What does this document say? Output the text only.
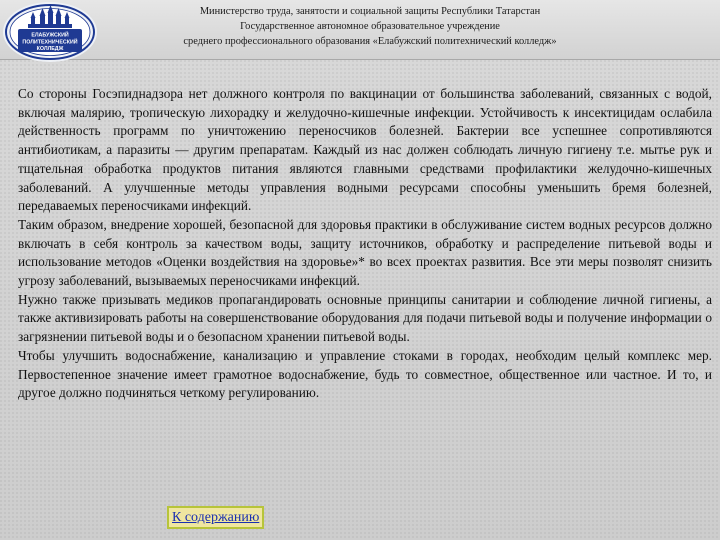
ЕЛАБУЖСКИЙ
ПОЛИТЕХНИЧЕСКИЙ
КОЛЛЕДЖ
Министерство труда, занятости и социальной защиты Республики Татарстан
Государственное автономное образовательное учреждение
среднего профессионального образования «Елабужский политехнический колледж»

Со стороны Госэпиднадзора нет должного контроля по вакцинации от большинства заболеваний, связанных с водой, включая малярию, тропическую лихорадку и желудочно-кишечные инфекции. Устойчивость к инсектицидам ослабила действенность программ по уничтожению переносчиков болезней. Бактерии все успешнее сопротивляются антибиотикам, а паразиты — другим препаратам. Каждый из нас должен соблюдать личную гигиену т.е. мытье рук и тщательная обработка продуктов питания являются главными средствами профилактики желудочно-кишечных заболеваний. А улучшенные методы управления водными ресурсами способны уменьшить бремя болезней, передаваемых переносчиками инфекций.

Таким образом, внедрение хорошей, безопасной для здоровья практики в обслуживание систем водных ресурсов должно включать в себя контроль за качеством воды, защиту источников, обработку и распределение питьевой воды и использование методов «Оценки воздействия на здоровье»* во всех проектах развития. Все эти меры позволят снизить угрозу заболеваний, вызываемых переносчиками инфекций.

Нужно также призывать медиков пропагандировать основные принципы санитарии и соблюдение личной гигиены, а также активизировать работы на совершенствование оборудования для подачи питьевой воды и получение информации о загрязнении питьевой воды и о безопасном хранении питьевой воды.

Чтобы улучшить водоснабжение, канализацию и управление стоками в городах, необходим целый комплекс мер. Первостепенное значение имеет грамотное водоснабжение, будь то совместное, общественное или частное. И то, и другое должно подчиняться четкому регулированию.

К содержанию
